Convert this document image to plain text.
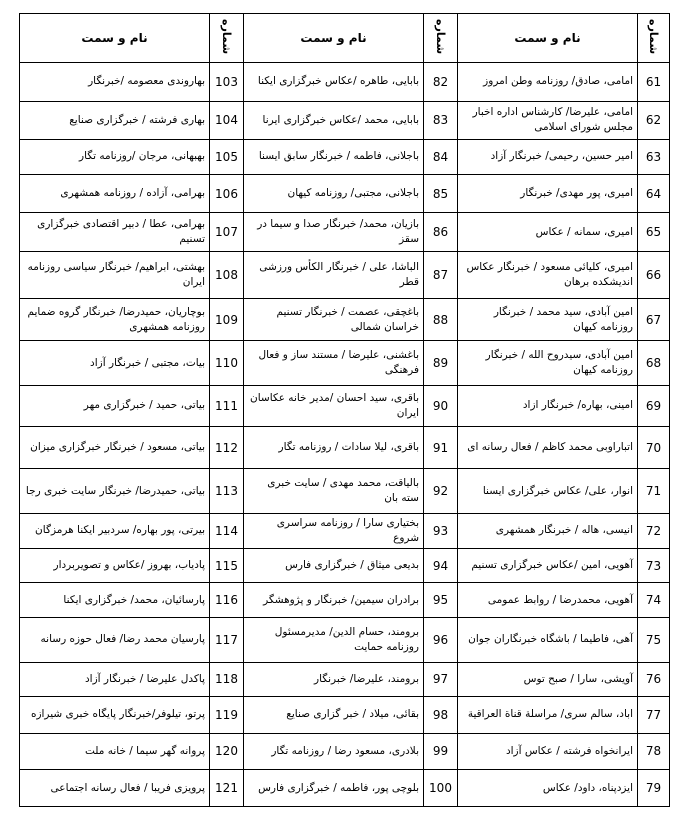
شماره	نام و سمت	شماره	نام و سمت	شماره	نام و سمت
61	امامی، صادق/ روزنامه وطن امروز	82	بابایی، طاهره /عکاس خبرگزاری ایکنا	103	بهاروندی معصومه /خبرنگار
62	امامی، علیرضا/ کارشناس اداره اخبار مجلس شورای اسلامی	83	بابایی، محمد /عکاس خبرگزاری ایرنا	104	بهاری فرشته / خبرگزاری صنایع
63	امیر حسین، رحیمی/ خبرنگار آزاد	84	باجلانی، فاطمه / خبرنگار سابق ایسنا	105	بهبهانی، مرجان /روزنامه تگار
64	امیری، پور مهدی/ خبرنگار	85	باجلانی، مجتبی/ روزنامه کیهان	106	بهرامی، آزاده / روزنامه همشهری
65	امیری، سمانه / عکاس	86	بازیان، محمد/ خبرنگار صدا و سیما در سقز	107	بهرامی، عطا / دبیر اقتصادی خبرگزاری تسنیم
66	امیری، کلیائی مسعود / خبرنگار عکاس اندیشکده برهان	87	الباشا، علی / خبرنگار الکأس ورزشی قطر	108	بهشتی، ابراهیم/ خبرنگار سیاسی روزنامه ایران
67	امین آبادی، سید محمد / خبرنگار روزنامه کیهان	88	باغچقی، عصمت / خبرنگار تسنیم خراسان شمالی	109	بوچاریان، حمیدرضا/ خبرنگار گروه ضمایم روزنامه همشهری
68	امین آبادی، سیدروح الله / خبرنگار روزنامه کیهان	89	باغشنی، علیرضا / مستند ساز و فعال فرهنگی	110	بیات، مجتبی / خبرنگار آزاد
69	امینی، بهاره/ خبرنگار ازاد	90	باقری، سید احسان /مدیر خانه عکاسان ایران	111	بیاتی، حمید / خبرگزاری مهر
70	اتباراوبی محمد کاظم / فعال رسانه ای	91	باقری، لیلا سادات / روزنامه تگار	112	بیاتی، مسعود / خبرنگار خبرگزاری میزان
71	انوار، علی/ عکاس خبرگزاری ایسنا	92	بالیاقت، محمد مهدی / سایت خبری سته بان	113	بیاتی، حمیدرضا/ خبرنگار سایت خبری رجا
72	انیسی، هاله / خبرنگار همشهری	93	بختیاری سارا / روزنامه سراسری شروع	114	بیرتی، پور بهاره/ سردبیر ایکنا هرمزگان
73	آهویی، امین /عکاس خبرگزاری تسنیم	94	بدیعی میثاق / خبرگزاری فارس	115	پادیاب، بهروز /عکاس و تصویربردار
74	آهویی، محمدرضا / روابط عمومی	95	برادران سیمین/ خبرنگار و پژوهشگر	116	پارسائیان، محمد/ خبرگزاری ایکنا
75	آهی، فاطیما / باشگاه خبرنگاران جوان	96	برومند، حسام الدین/ مدیرمسئول روزنامه حمایت	117	پارسیان محمد رضا/ فعال حوزه رسانه
76	آویشی، سارا / صبح توس	97	برومند، علیرضا/ خبرنگار	118	پاکدل علیرضا / خبرنگار آزاد
77	اباد، سالم سری/ مراسلة قناة العراقیة	98	بقائی، میلاد / خبر گزاری صنایع	119	پرتو، تیلوفر/خبرنگار پایگاه خبری شیرازه
78	ایرانخواه فرشته / عکاس آزاد	99	بلادری، مسعود رضا / روزنامه تگار	120	پروانه گهر سیما / خانه ملت
79	ایزدپناه، داود/ عکاس	100	بلوچی پور، فاطمه / خبرگزاری فارس	121	پرویزی فریبا / فعال رسانه اجتماعی
